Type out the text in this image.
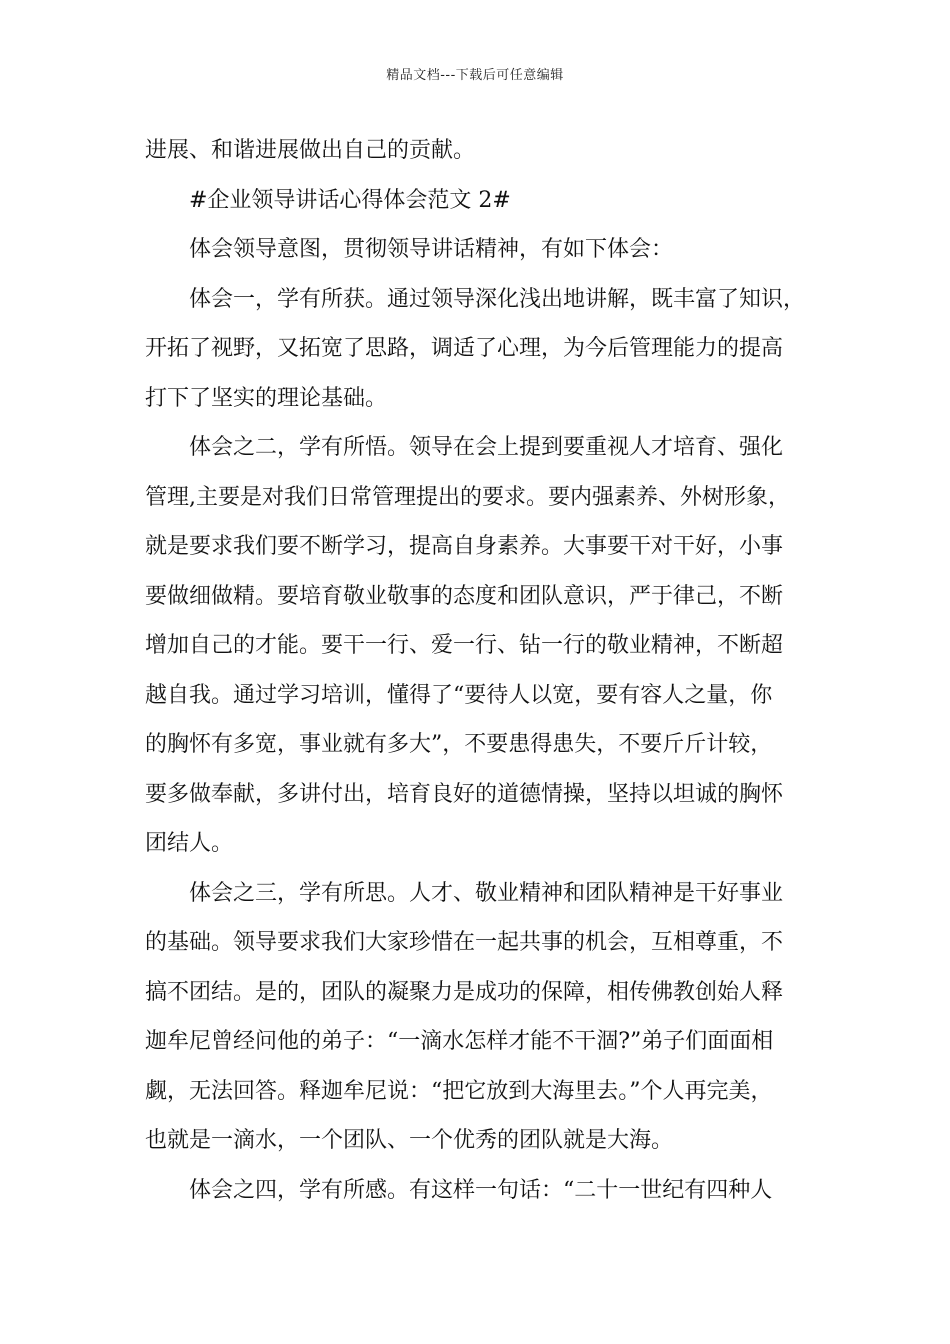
精品文档---下载后可任意编辑
进展、和谐进展做出自己的贡献。
#企业领导讲话心得体会范文 2#
体会领导意图，贯彻领导讲话精神，有如下体会：
体会一，学有所获。通过领导深化浅出地讲解，既丰富了知识，
开拓了视野，又拓宽了思路，调适了心理，为今后管理能力的提高
打下了坚实的理论基础。
体会之二，学有所悟。领导在会上提到要重视人才培育、强化
管理,主要是对我们日常管理提出的要求。要内强素养、外树形象，
就是要求我们要不断学习，提高自身素养。大事要干对干好，小事
要做细做精。要培育敬业敬事的态度和团队意识，严于律己，不断
增加自己的才能。要干一行、爱一行、钻一行的敬业精神，不断超
越自我。通过学习培训，懂得了“要待人以宽，要有容人之量，你
的胸怀有多宽，事业就有多大”，不要患得患失，不要斤斤计较，
要多做奉献，多讲付出，培育良好的道德情操，坚持以坦诚的胸怀
团结人。
体会之三，学有所思。人才、敬业精神和团队精神是干好事业
的基础。领导要求我们大家珍惜在一起共事的机会，互相尊重，不
搞不团结。是的，团队的凝聚力是成功的保障，相传佛教创始人释
迦牟尼曾经问他的弟子：“一滴水怎样才能不干涸?”弟子们面面相
觑，无法回答。释迦牟尼说：“把它放到大海里去。”个人再完美，
也就是一滴水，一个团队、一个优秀的团队就是大海。
体会之四，学有所感。有这样一句话：“二十一世纪有四种人
